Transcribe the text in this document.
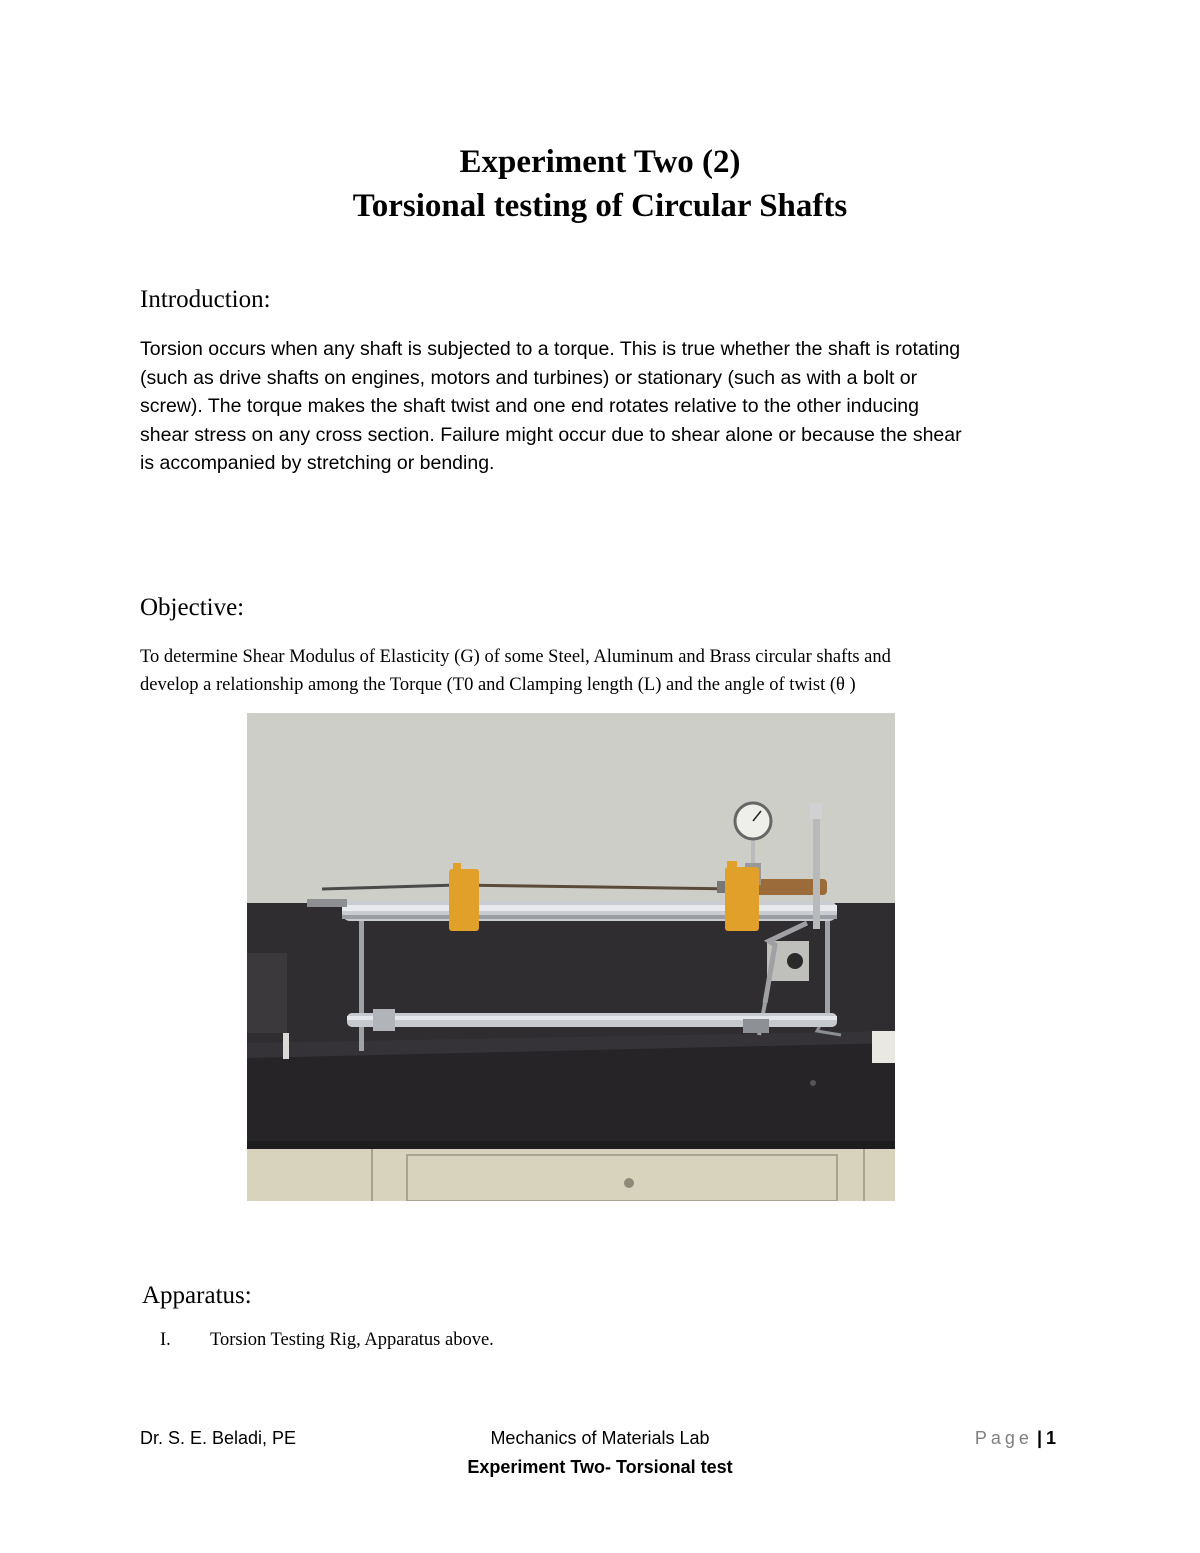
Experiment Two (2)
Torsional testing of Circular Shafts
Introduction:
Torsion occurs when any shaft is subjected to a torque. This is true whether the shaft is rotating
(such as drive shafts on engines, motors and turbines) or stationary (such as with a bolt or
screw). The torque makes the shaft twist and one end rotates relative to the other inducing
shear stress on any cross section. Failure might occur due to shear alone or because the shear
is accompanied by stretching or bending.
Objective:
To determine Shear Modulus of Elasticity (G) of some Steel, Aluminum and Brass circular shafts and
develop a relationship among the Torque (T0 and Clamping length (L) and the angle of twist (θ )
Apparatus:
I. Torsion Testing Rig, Apparatus above.
Dr. S. E. Beladi, PE	Mechanics of Materials Lab	Page | 1
Experiment Two- Torsional test
